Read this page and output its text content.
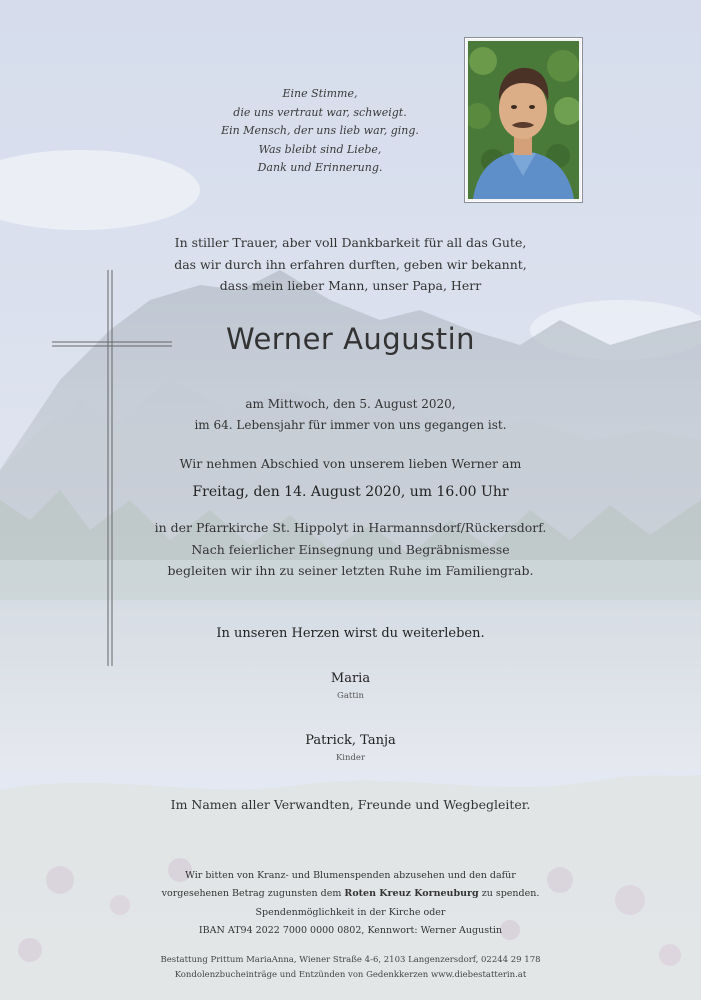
Eine Stimme,
die uns vertraut war, schweigt.
Ein Mensch, der uns lieb war, ging.
Was bleibt sind Liebe,
Dank und Erinnerung.
In stiller Trauer, aber voll Dankbarkeit für all das Gute,
das wir durch ihn erfahren durften, geben wir bekannt,
dass mein lieber Mann, unser Papa, Herr
Werner Augustin
am Mittwoch, den 5. August 2020,
im 64. Lebensjahr für immer von uns gegangen ist.
Wir nehmen Abschied von unserem lieben Werner am
Freitag, den 14. August 2020, um 16.00 Uhr
in der Pfarrkirche St. Hippolyt in Harmannsdorf/Rückersdorf.
Nach feierlicher Einsegnung und Begräbnismesse
begleiten wir ihn zu seiner letzten Ruhe im Familiengrab.
In unseren Herzen wirst du weiterleben.
Maria
Gattin
Patrick, Tanja
Kinder
Im Namen aller Verwandten, Freunde und Wegbegleiter.
Wir bitten von Kranz- und Blumenspenden abzusehen und den dafür
vorgesehenen Betrag zugunsten dem Roten Kreuz Korneuburg zu spenden.
Spendenmöglichkeit in der Kirche oder
IBAN AT94 2022 7000 0000 0802, Kennwort: Werner Augustin
Bestattung Prittum MariaAnna, Wiener Straße 4-6, 2103 Langenzersdorf, 02244 29 178
Kondolenzbucheinträge und Entzünden von Gedenkkerzen www.diebestatterin.at
